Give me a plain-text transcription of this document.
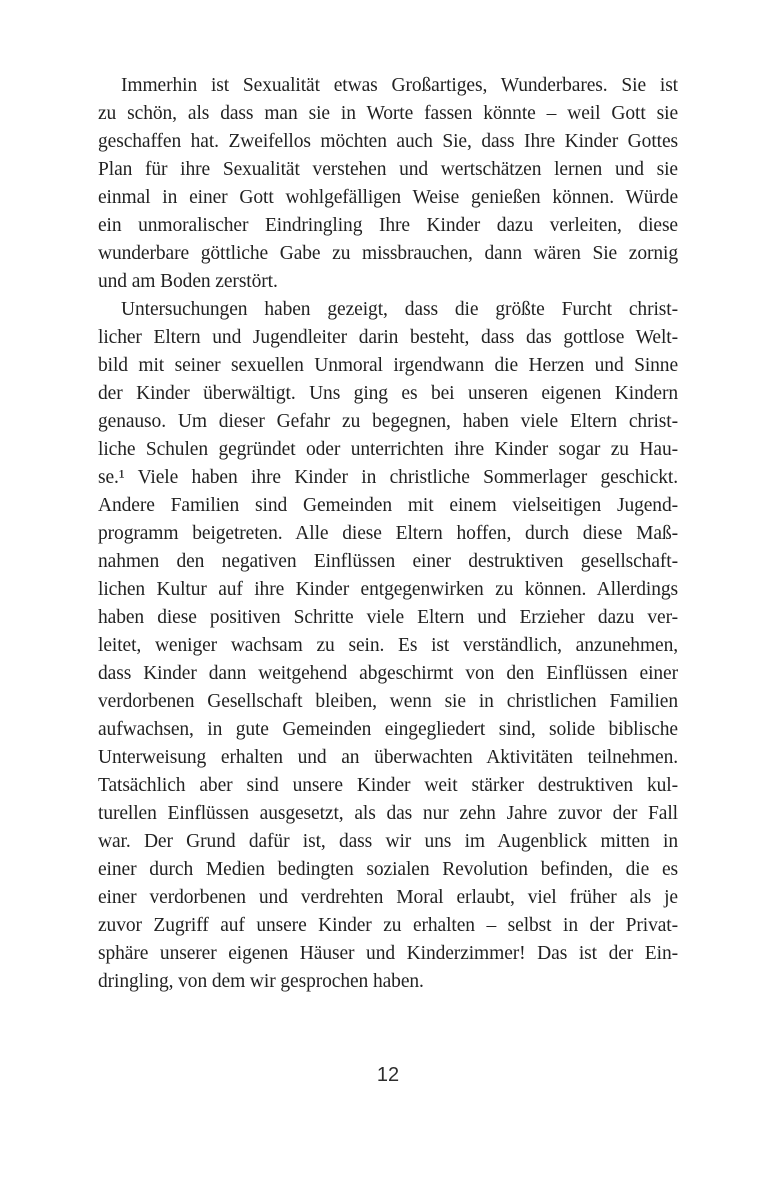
Immerhin ist Sexualität etwas Großartiges, Wunderbares. Sie ist
zu schön, als dass man sie in Worte fassen könnte – weil Gott sie
geschaffen hat. Zweifellos möchten auch Sie, dass Ihre Kinder Gottes
Plan für ihre Sexualität verstehen und wertschätzen lernen und sie
einmal in einer Gott wohlgefälligen Weise genießen können. Würde
ein unmoralischer Eindringling Ihre Kinder dazu verleiten, diese
wunderbare göttliche Gabe zu missbrauchen, dann wären Sie zornig
und am Boden zerstört.
Untersuchungen haben gezeigt, dass die größte Furcht christ-
licher Eltern und Jugendleiter darin besteht, dass das gottlose Welt-
bild mit seiner sexuellen Unmoral irgendwann die Herzen und Sinne
der Kinder überwältigt. Uns ging es bei unseren eigenen Kindern
genauso. Um dieser Gefahr zu begegnen, haben viele Eltern christ-
liche Schulen gegründet oder unterrichten ihre Kinder sogar zu Hau-
se.¹ Viele haben ihre Kinder in christliche Sommerlager geschickt.
Andere Familien sind Gemeinden mit einem vielseitigen Jugend-
programm beigetreten. Alle diese Eltern hoffen, durch diese Maß-
nahmen den negativen Einflüssen einer destruktiven gesellschaft-
lichen Kultur auf ihre Kinder entgegenwirken zu können. Allerdings
haben diese positiven Schritte viele Eltern und Erzieher dazu ver-
leitet, weniger wachsam zu sein. Es ist verständlich, anzunehmen,
dass Kinder dann weitgehend abgeschirmt von den Einflüssen einer
verdorbenen Gesellschaft bleiben, wenn sie in christlichen Familien
aufwachsen, in gute Gemeinden eingegliedert sind, solide biblische
Unterweisung erhalten und an überwachten Aktivitäten teilnehmen.
Tatsächlich aber sind unsere Kinder weit stärker destruktiven kul-
turellen Einflüssen ausgesetzt, als das nur zehn Jahre zuvor der Fall
war. Der Grund dafür ist, dass wir uns im Augenblick mitten in
einer durch Medien bedingten sozialen Revolution befinden, die es
einer verdorbenen und verdrehten Moral erlaubt, viel früher als je
zuvor Zugriff auf unsere Kinder zu erhalten – selbst in der Privat-
sphäre unserer eigenen Häuser und Kinderzimmer! Das ist der Ein-
dringling, von dem wir gesprochen haben.
12
